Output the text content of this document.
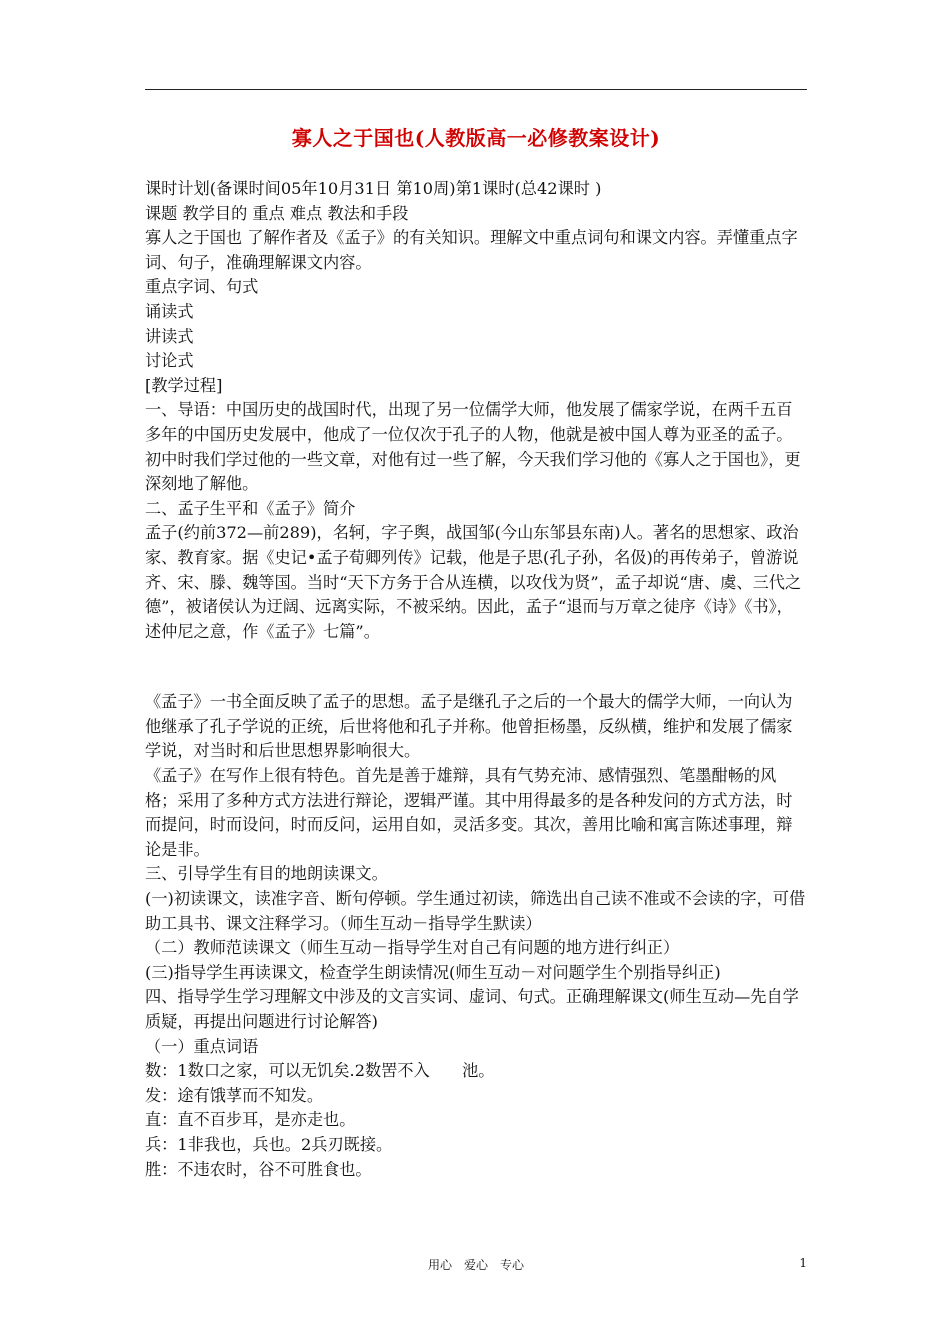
寡人之于国也(人教版高一必修教案设计)

课时计划(备课时间05年10月31日 第10周)第1课时(总42课时 )

课题 教学目的 重点 难点 教法和手段

寡人之于国也 了解作者及《孟子》的有关知识。理解文中重点词句和课文内容。弄懂重点字词、句子，准确理解课文内容。

重点字词、句式

诵读式

讲读式

讨论式

[教学过程]

一、导语：中国历史的战国时代，出现了另一位儒学大师，他发展了儒家学说，在两千五百多年的中国历史发展中，他成了一位仅次于孔子的人物，他就是被中国人尊为亚圣的孟子。初中时我们学过他的一些文章，对他有过一些了解，今天我们学习他的《寡人之于国也》，更深刻地了解他。

二、孟子生平和《孟子》简介

孟子(约前372—前289)，名轲，字子舆，战国邹(今山东邹县东南)人。著名的思想家、政治家、教育家。据《史记•孟子荀卿列传》记载，他是子思(孔子孙，名伋)的再传弟子，曾游说齐、宋、滕、魏等国。当时“天下方务于合从连横，以攻伐为贤”，孟子却说“唐、虞、三代之德”，被诸侯认为迂阔、远离实际，不被采纳。因此，孟子“退而与万章之徒序《诗》《书》，述仲尼之意，作《孟子》七篇”。

《孟子》一书全面反映了孟子的思想。孟子是继孔子之后的一个最大的儒学大师，一向认为他继承了孔子学说的正统，后世将他和孔子并称。他曾拒杨墨，反纵横，维护和发展了儒家学说，对当时和后世思想界影响很大。

《孟子》在写作上很有特色。首先是善于雄辩，具有气势充沛、感情强烈、笔墨酣畅的风格；采用了多种方式方法进行辩论，逻辑严谨。其中用得最多的是各种发问的方式方法，时而提问，时而设问，时而反问，运用自如，灵活多变。其次，善用比喻和寓言陈述事理，辩论是非。

三、引导学生有目的地朗读课文。

(一)初读课文，读准字音、断句停顿。学生通过初读，筛选出自己读不准或不会读的字，可借助工具书、课文注释学习。（师生互动－指导学生默读）

（二）教师范读课文（师生互动－指导学生对自己有问题的地方进行纠正）

(三)指导学生再读课文，检查学生朗读情况(师生互动－对问题学生个别指导纠正)

四、指导学生学习理解文中涉及的文言实词、虚词、句式。正确理解课文(师生互动—先自学质疑，再提出问题进行讨论解答)

（一）重点词语

数：1数口之家，可以无饥矣.2数罟不入　　池。

发：途有饿莩而不知发。

直：直不百步耳，是亦走也。

兵：1非我也，兵也。2兵刃既接。

胜：不违农时，谷不可胜食也。

用心　爱心　专心	1
